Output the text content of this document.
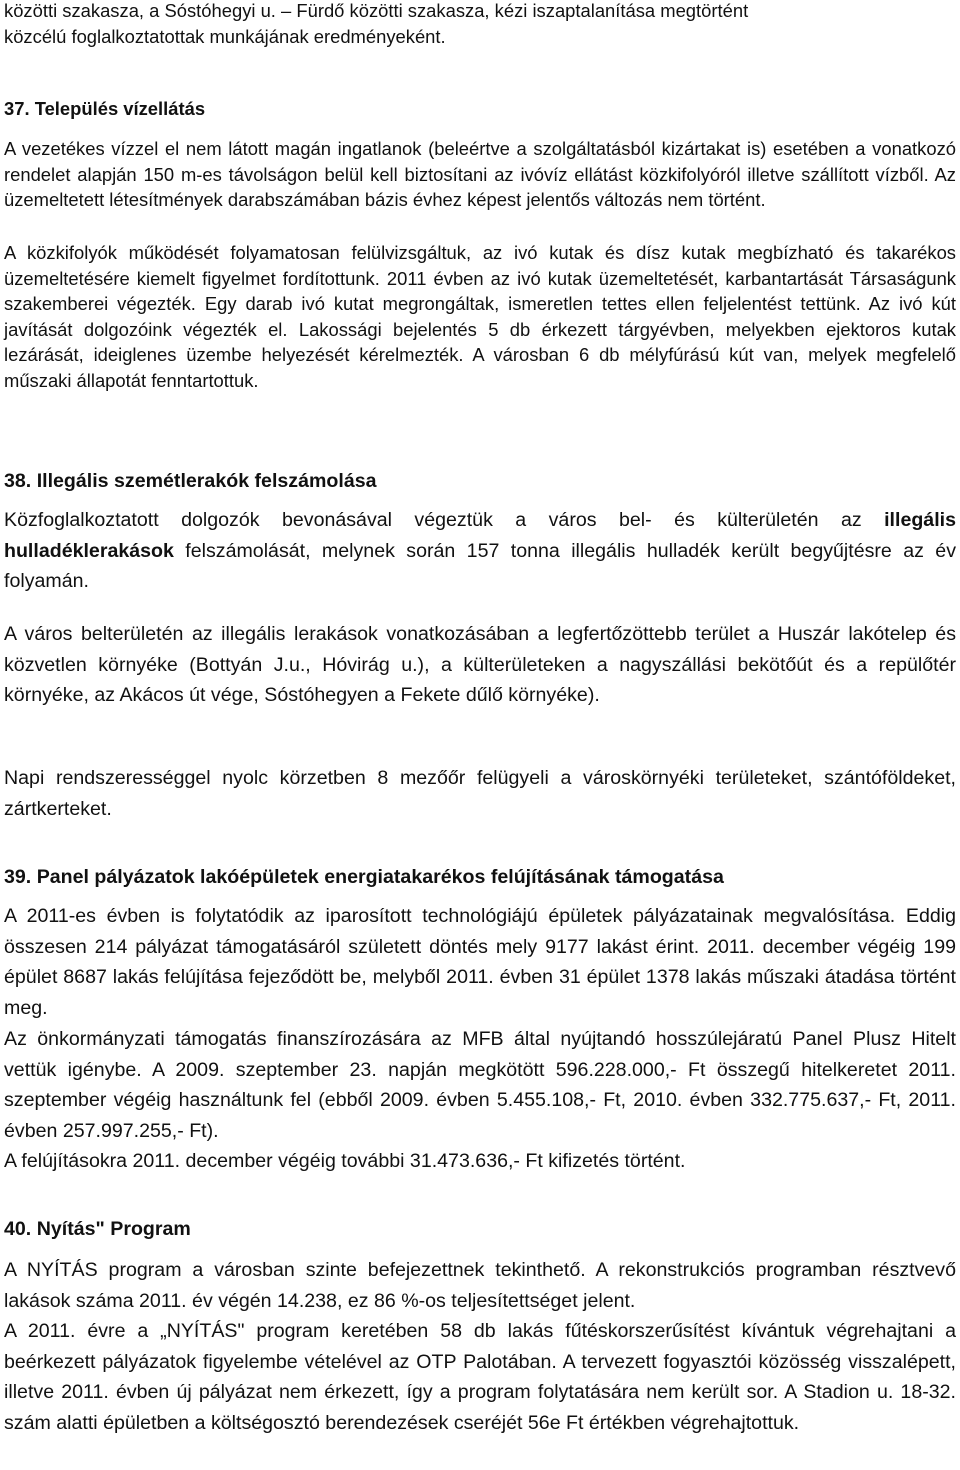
közötti szakasza, a Sóstóhegyi u. – Fürdő közötti szakasza, kézi iszaptalanítása megtörtént
közcélú foglalkoztatottak munkájának eredményeként.

37. Település vízellátás

A vezetékes vízzel el nem látott magán ingatlanok (beleértve a szolgáltatásból kizártakat is) esetében a vonatkozó rendelet alapján 150 m-es távolságon belül kell biztosítani az ivóvíz ellátást közkifolyóról illetve szállított vízből. Az üzemeltetett létesítmények darabszámában bázis évhez képest jelentős változás nem történt.

A közkifolyók működését folyamatosan felülvizsgáltuk, az ivó kutak és dísz kutak megbízható és takarékos üzemeltetésére kiemelt figyelmet fordítottunk. 2011 évben az ivó kutak üzemeltetését, karbantartását Társaságunk szakemberei végezték. Egy darab ivó kutat megrongáltak, ismeretlen tettes ellen feljelentést tettünk. Az ivó kút javítását dolgozóink végezték el. Lakossági bejelentés 5 db érkezett tárgyévben, melyekben ejektoros kutak lezárását, ideiglenes üzembe helyezését kérelmezték. A városban 6 db mélyfúrású kút van, melyek megfelelő műszaki állapotát fenntartottuk.

38. Illegális szemétlerakók felszámolása

Közfoglalkoztatott dolgozók bevonásával végeztük a város bel- és külterületén az illegális hulladéklerakások felszámolását, melynek során 157 tonna illegális hulladék került begyűjtésre az év folyamán.

A város belterületén az illegális lerakások vonatkozásában a legfertőzöttebb terület a Huszár lakótelep és közvetlen környéke (Bottyán J.u., Hóvirág u.), a külterületeken a nagyszállási bekötőút és a repülőtér környéke, az Akácos út vége, Sóstóhegyen a Fekete dűlő környéke).

Napi rendszerességgel nyolc körzetben 8 mezőőr felügyeli a városkörnyéki területeket, szántóföldeket, zártkerteket.

39. Panel pályázatok lakóépületek energiatakarékos felújításának támogatása

A 2011-es évben is folytatódik az iparosított technológiájú épületek pályázatainak megvalósítása. Eddig összesen 214 pályázat támogatásáról született döntés mely 9177 lakást érint. 2011. december végéig 199 épület 8687 lakás felújítása fejeződött be, melyből 2011. évben 31 épület 1378 lakás műszaki átadása történt meg.

Az önkormányzati támogatás finanszírozására az MFB által nyújtandó hosszúlejáratú Panel Plusz Hitelt vettük igénybe. A 2009. szeptember 23. napján megkötött 596.228.000,- Ft összegű hitelkeretet 2011. szeptember végéig használtunk fel (ebből 2009. évben 5.455.108,- Ft, 2010. évben 332.775.637,- Ft, 2011. évben 257.997.255,- Ft).

A felújításokra 2011. december végéig további 31.473.636,- Ft kifizetés történt.

40. Nyítás" Program

A NYÍTÁS program a városban szinte befejezettnek tekinthető. A rekonstrukciós programban résztvevő lakások száma 2011. év végén 14.238, ez 86 %-os teljesítettséget jelent.

A 2011. évre a „NYÍTÁS" program keretében 58 db lakás fűtéskorszerűsítést kívántuk végrehajtani a beérkezett pályázatok figyelembe vételével az OTP Palotában. A tervezett fogyasztói közösség visszalépett, illetve 2011. évben új pályázat nem érkezett, így a program folytatására nem került sor. A Stadion u. 18-32. szám alatti épületben a költségosztó berendezések cseréjét 56e Ft értékben végrehajtottuk.
